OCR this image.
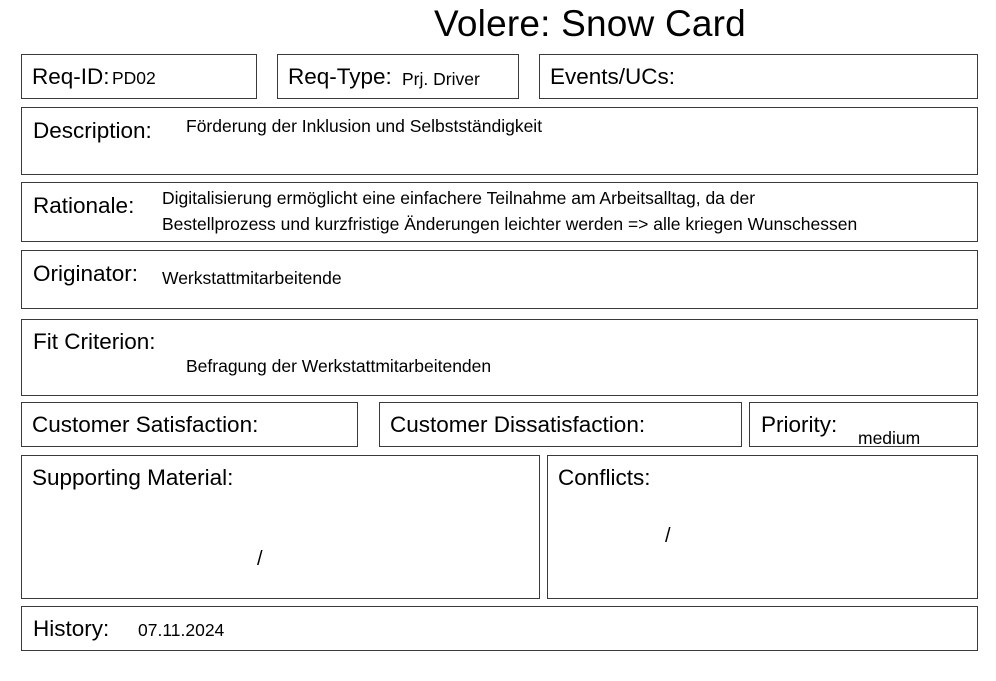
Volere: Snow Card
Req-ID: PD02	Req-Type: Prj. Driver	Events/UCs:
Description: Förderung der Inklusion und Selbstständigkeit
Rationale: Digitalisierung ermöglicht eine einfachere Teilnahme am Arbeitsalltag, da der
Bestellprozess und kurzfristige Änderungen leichter werden => alle kriegen Wunschessen
Originator: Werkstattmitarbeitende
Fit Criterion:
Befragung der Werkstattmitarbeitenden
Customer Satisfaction:	Customer Dissatisfaction:	Priority:
medium
Supporting Material:
/
Conflicts:
/
History: 07.11.2024
